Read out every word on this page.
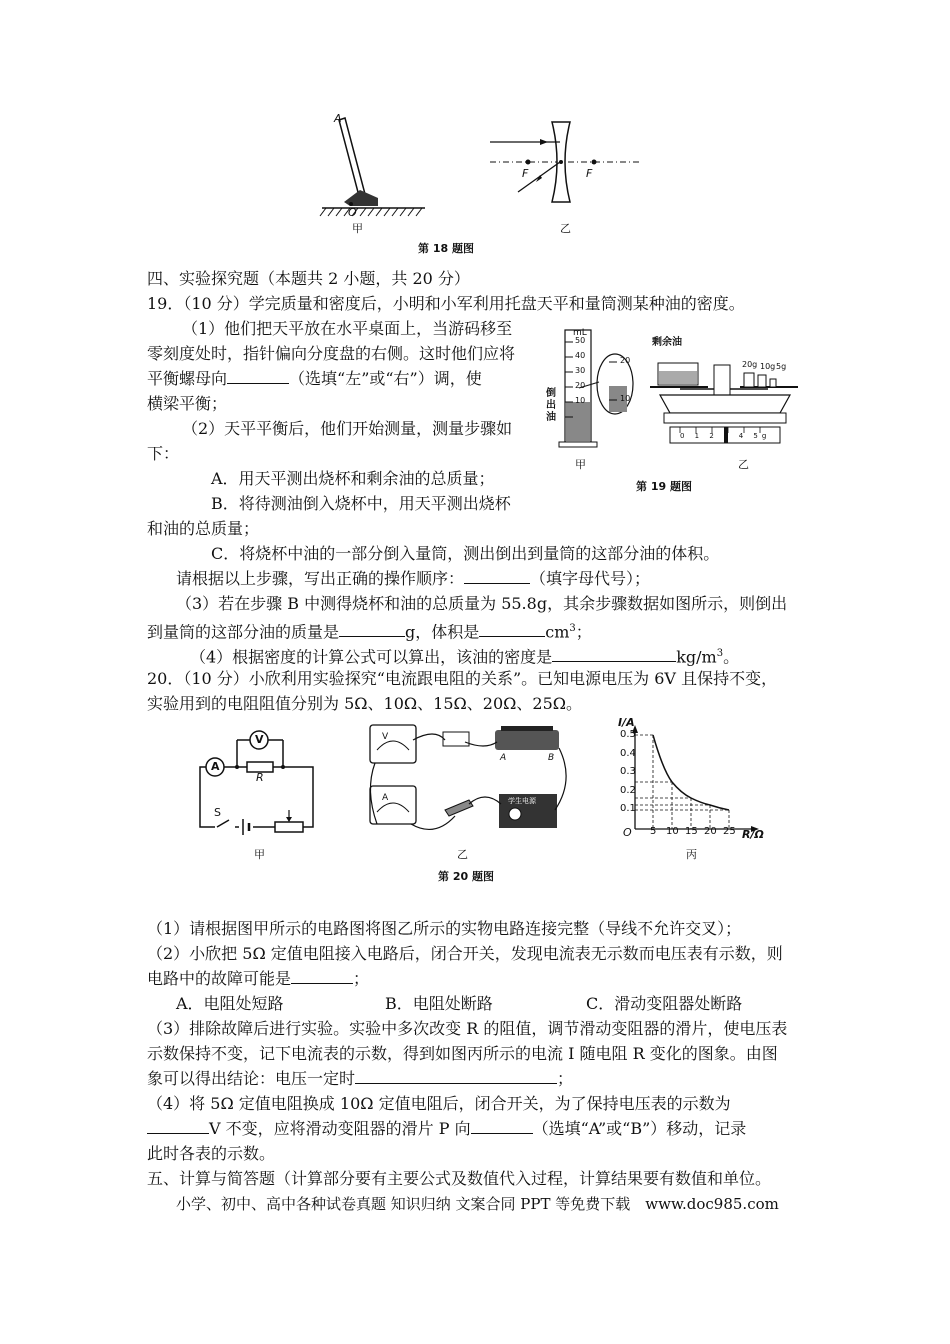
A
O
甲
F	F
乙
第 18 题图
四、实验探究题（本题共 2 小题，共 20 分）
19．（10 分）学完质量和密度后，小明和小军利用托盘天平和量筒测某种油的密度。
（1）他们把天平放在水平桌面上，当游码移至
零刻度处时，指针偏向分度盘的右侧。这时他们应将
平衡螺母向	（选填“左”或“右”）调，使
横梁平衡；
（2）天平平衡后，他们开始测量，测量步骤如
下：
A．用天平测出烧杯和剩余油的总质量；
B．将待测油倒入烧杯中，用天平测出烧杯
和油的总质量；
C．将烧杯中油的一部分倒入量筒，测出倒出到量筒的这部分油的体积。
请根据以上步骤，写出正确的操作顺序：	（填字母代号）；
（3）若在步骤 B 中测得烧杯和油的总质量为 55.8g，其余步骤数据如图所示，则倒出
到量筒的这部分油的质量是	g，体积是	$cm^3$；
（4）根据密度的计算公式可以算出，该油的密度是	$kg/m^3$。
mL
50
40
30
20
10
20
10
倒出油
甲
剩余油
20g 10g 5g
0 1 2 3 4 5g
乙
第 19 题图
20．（10 分）小欣利用实验探究“电流跟电阻的关系”。已知电源电压为 6V 且保持不变，
实验用到的电阻阻值分别为 5Ω、10Ω、15Ω、20Ω、25Ω。
A
V
R
S
甲
V
A
A	B
学生电源
乙
第 20 题图
I/A
0.5
0.4
0.3
0.2
0.1
O 5 10 15 20 25 R/Ω
丙
（1）请根据图甲所示的电路图将图乙所示的实物电路连接完整（导线不允许交叉）；
（2）小欣把 5Ω 定值电阻接入电路后，闭合开关，发现电流表无示数而电压表有示数，则
电路中的故障可能是	；
A．电阻处短路	B．电阻处断路	C．滑动变阻器处断路
（3）排除故障后进行实验。实验中多次改变 R 的阻值，调节滑动变阻器的滑片，使电压表
示数保持不变，记下电流表的示数，得到如图丙所示的电流 I 随电阻 R 变化的图象。由图
象可以得出结论：电压一定时	；
（4）将 5Ω 定值电阻换成 10Ω 定值电阻后，闭合开关，为了保持电压表的示数为
V 不变，应将滑动变阻器的滑片 P 向	（选填“A”或“B”）移动，记录
此时各表的示数。
五、计算与简答题（计算部分要有主要公式及数值代入过程，计算结果要有数值和单位。
小学、初中、高中各种试卷真题 知识归纳 文案合同 PPT 等免费下载　www.doc985.com
